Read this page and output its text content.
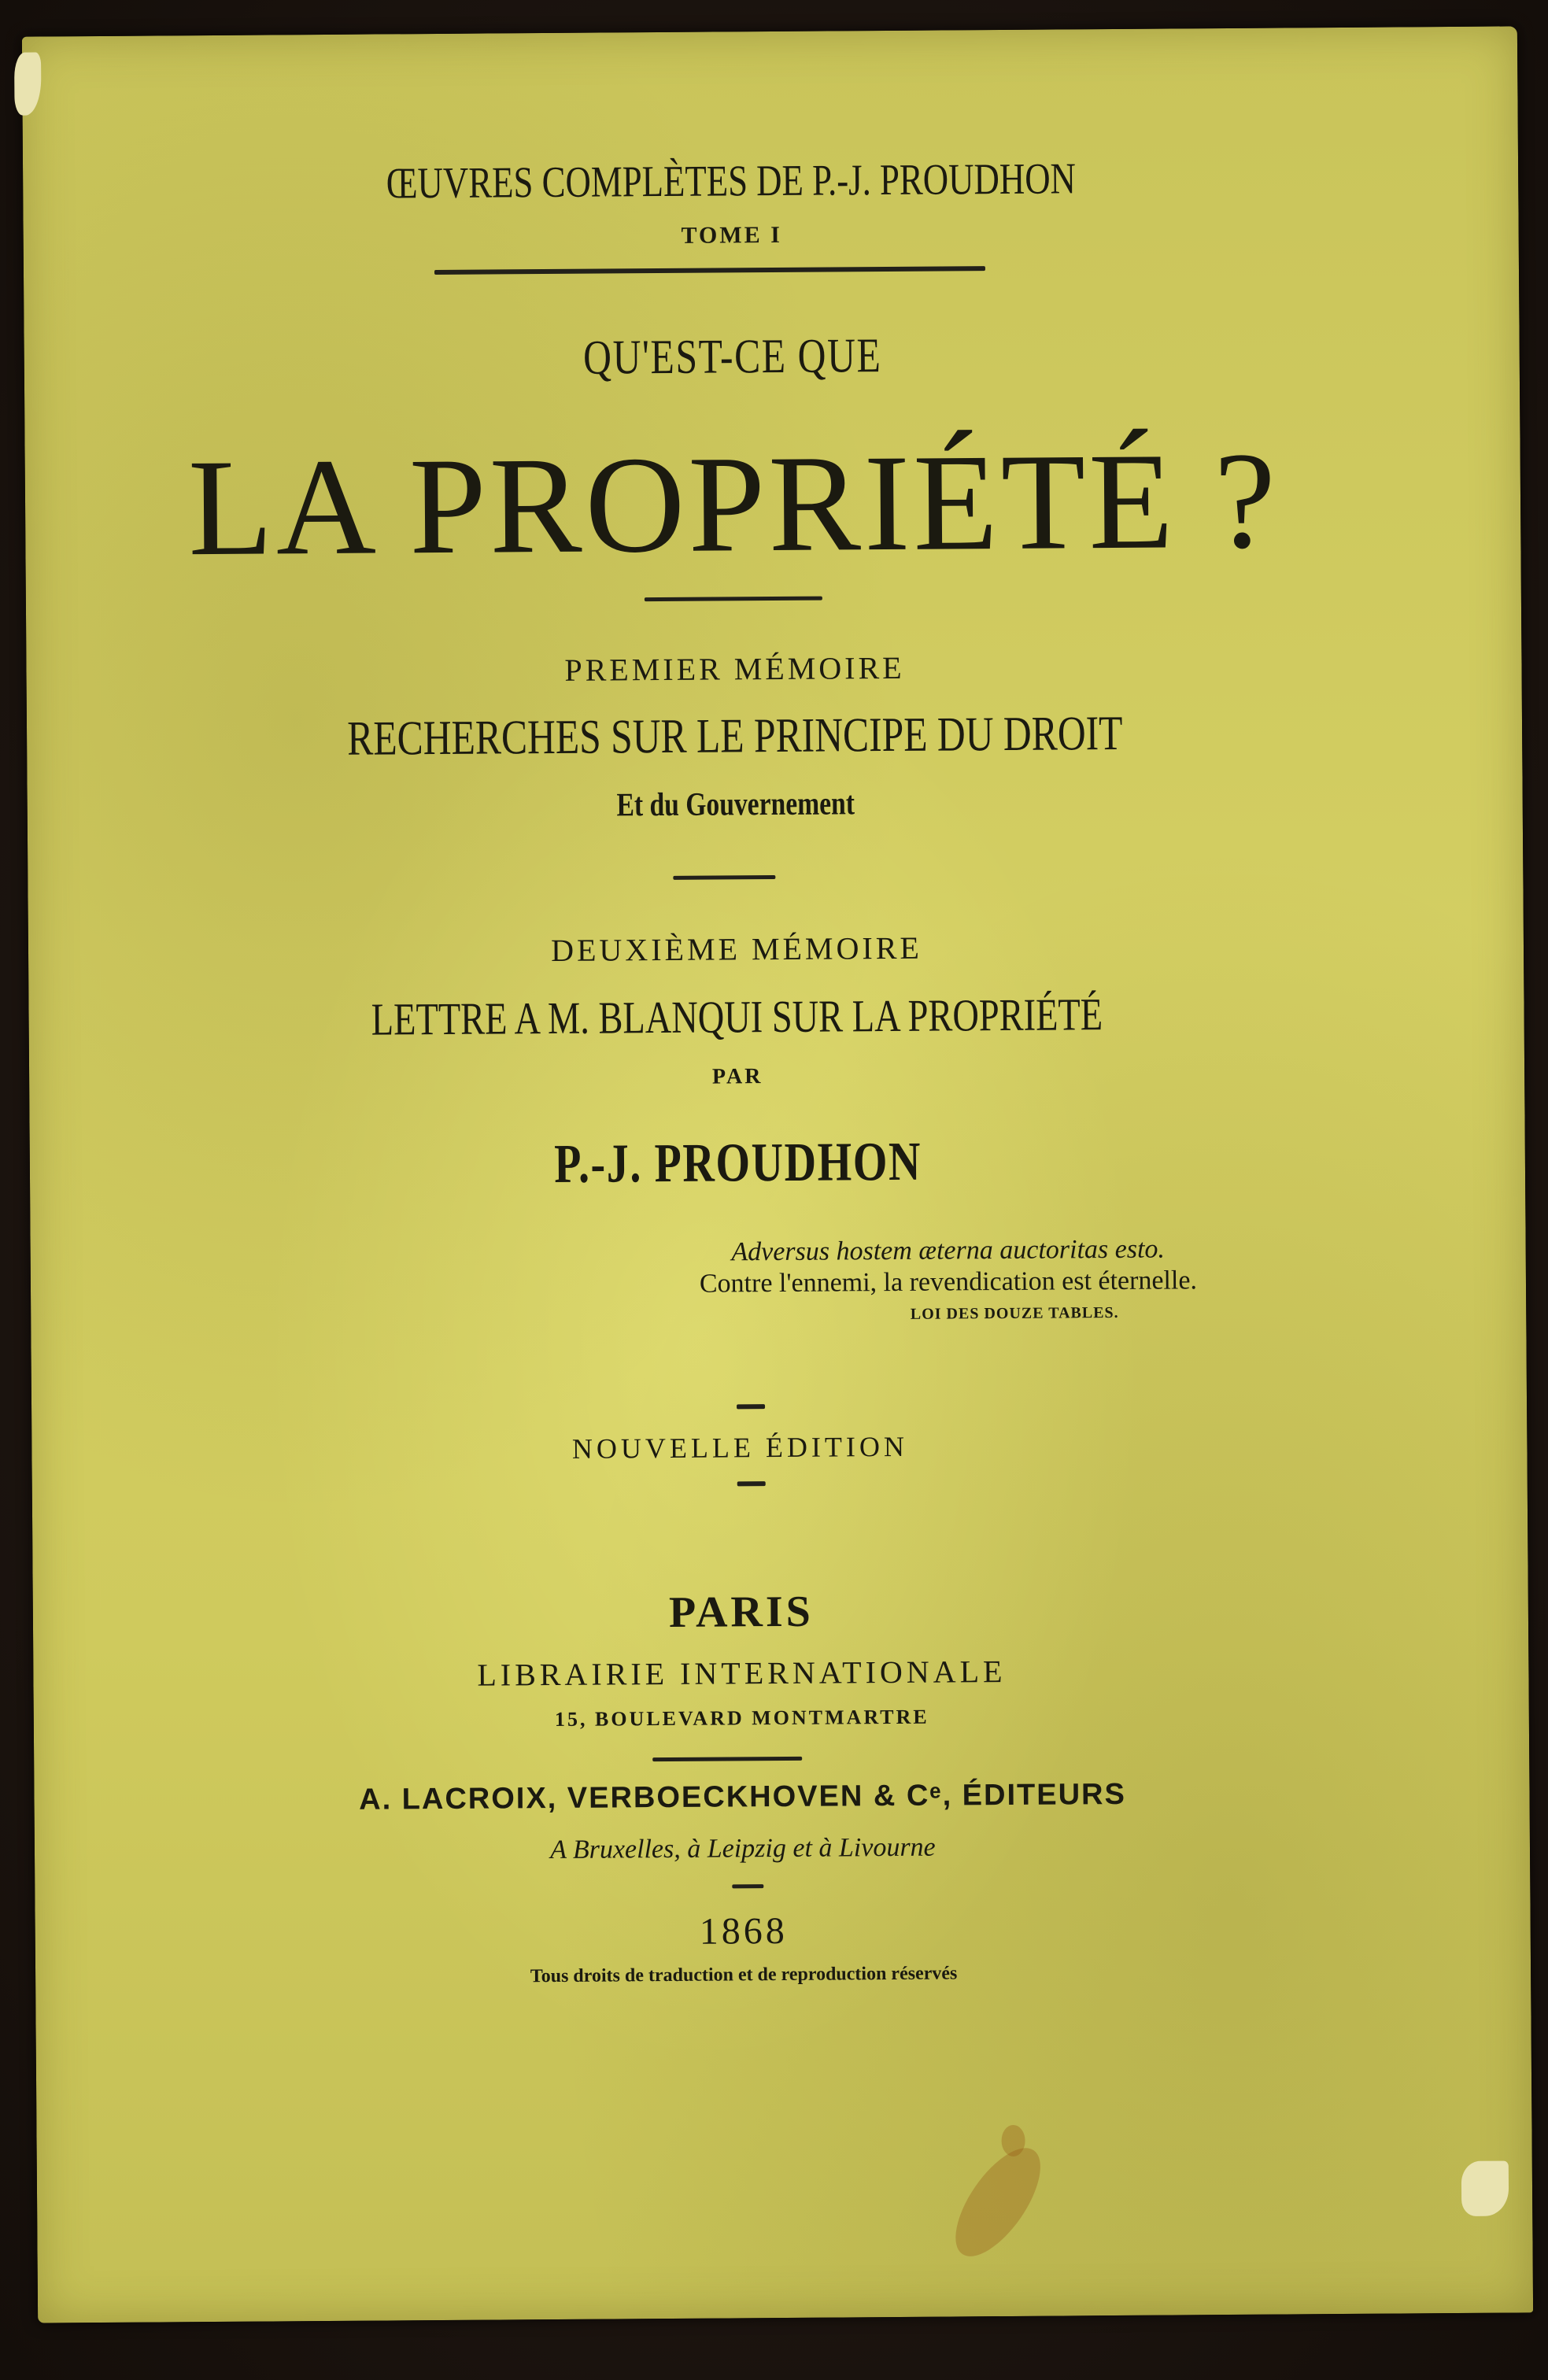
ŒUVRES COMPLÈTES DE P.-J. PROUDHON
TOME I
QU'EST-CE QUE
LA PROPRIÉTÉ ?
PREMIER MÉMOIRE
RECHERCHES SUR LE PRINCIPE DU DROIT
Et du Gouvernement
DEUXIÈME MÉMOIRE
LETTRE A M. BLANQUI SUR LA PROPRIÉTÉ
PAR
P.-J. PROUDHON
Adversus hostem æterna auctoritas esto.
Contre l'ennemi, la revendication est éternelle.
LOI DES DOUZE TABLES.
NOUVELLE ÉDITION
PARIS
LIBRAIRIE INTERNATIONALE
15, BOULEVARD MONTMARTRE
A. LACROIX, VERBOECKHOVEN & Cᵉ, ÉDITEURS
A Bruxelles, à Leipzig et à Livourne
1868
Tous droits de traduction et de reproduction réservés
